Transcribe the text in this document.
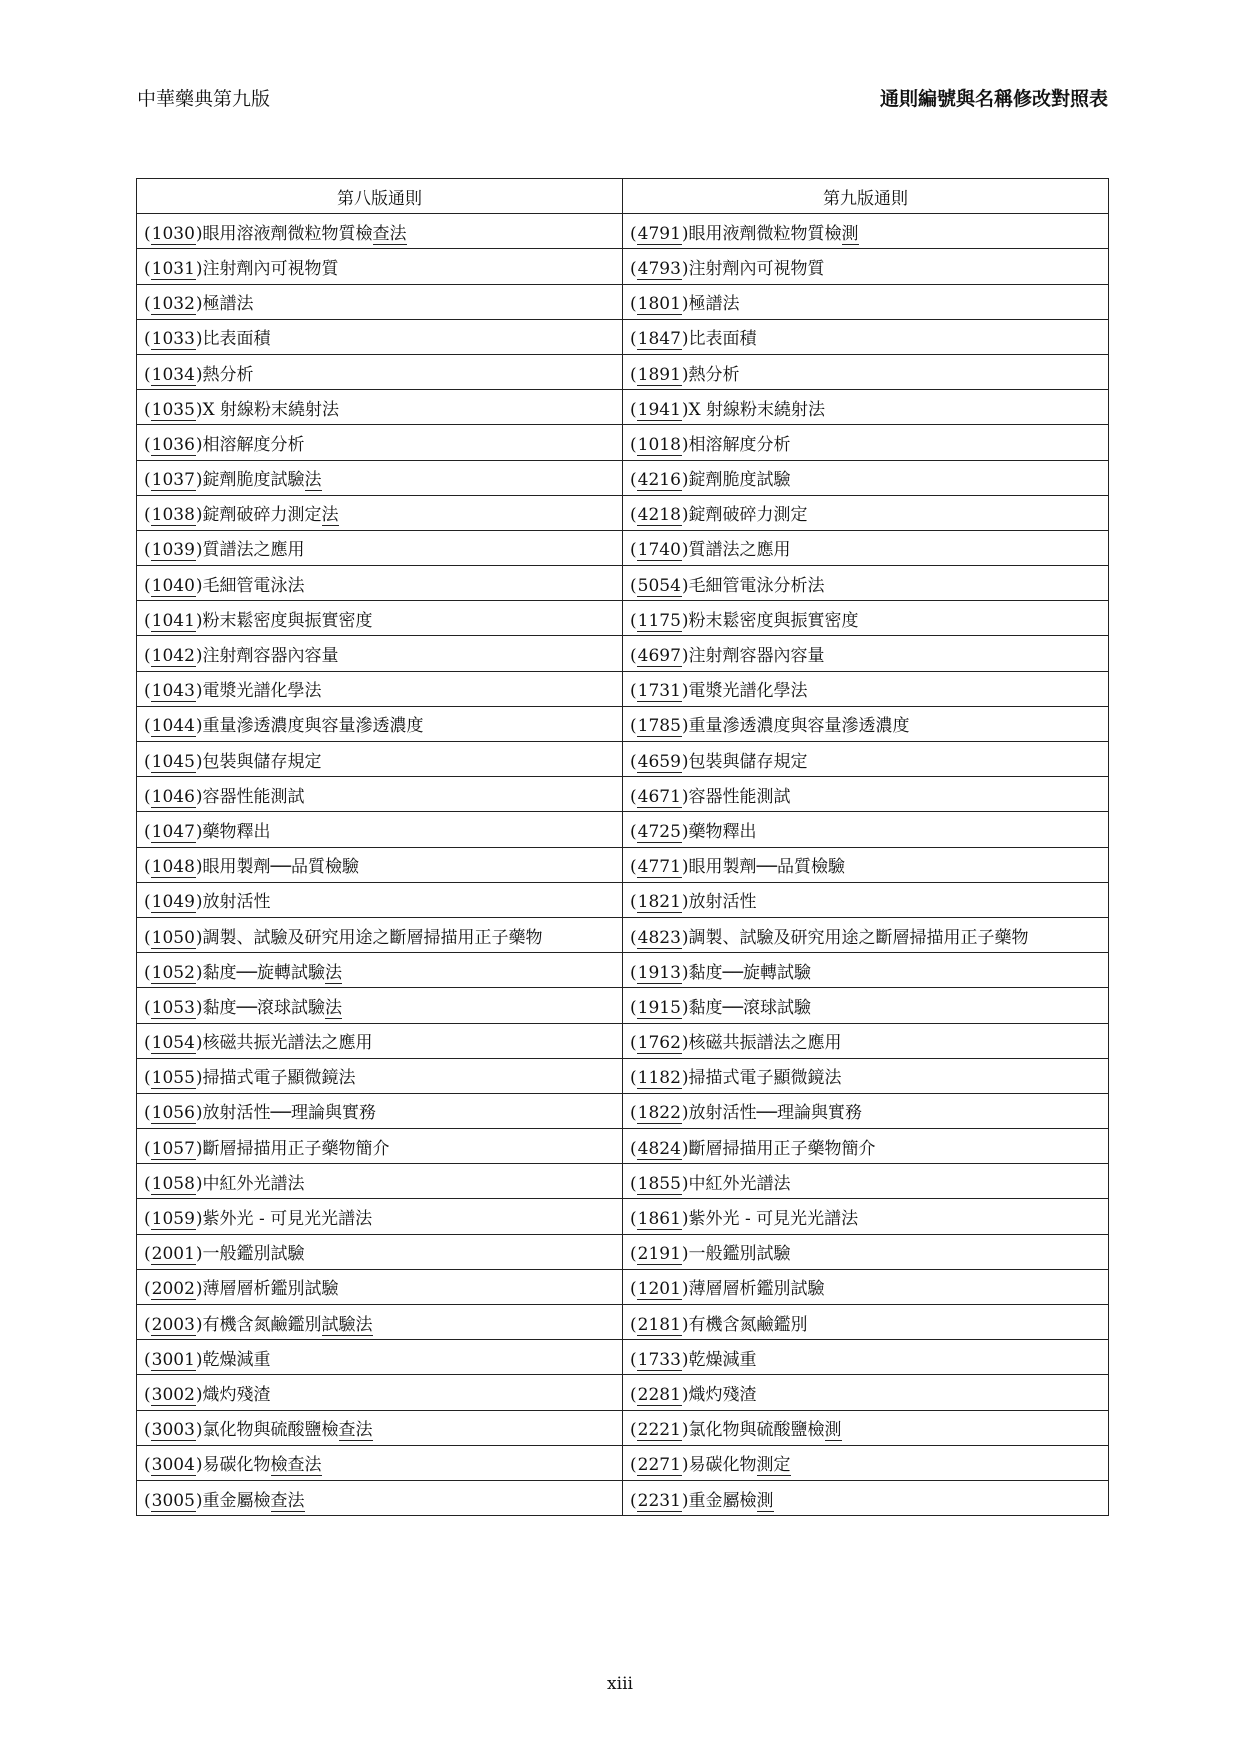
中華藥典第九版	通則編號與名稱修改對照表
第八版通則	第九版通則
(1030)眼用溶液劑微粒物質檢查法	(4791)眼用液劑微粒物質檢測
(1031)注射劑內可視物質	(4793)注射劑內可視物質
(1032)極譜法	(1801)極譜法
(1033)比表面積	(1847)比表面積
(1034)熱分析	(1891)熱分析
(1035)X 射線粉末繞射法	(1941)X 射線粉末繞射法
(1036)相溶解度分析	(1018)相溶解度分析
(1037)錠劑脆度試驗法	(4216)錠劑脆度試驗
(1038)錠劑破碎力測定法	(4218)錠劑破碎力測定
(1039)質譜法之應用	(1740)質譜法之應用
(1040)毛細管電泳法	(5054)毛細管電泳分析法
(1041)粉末鬆密度與振實密度	(1175)粉末鬆密度與振實密度
(1042)注射劑容器內容量	(4697)注射劑容器內容量
(1043)電漿光譜化學法	(1731)電漿光譜化學法
(1044)重量滲透濃度與容量滲透濃度	(1785)重量滲透濃度與容量滲透濃度
(1045)包裝與儲存規定	(4659)包裝與儲存規定
(1046)容器性能測試	(4671)容器性能測試
(1047)藥物釋出	(4725)藥物釋出
(1048)眼用製劑──品質檢驗	(4771)眼用製劑──品質檢驗
(1049)放射活性	(1821)放射活性
(1050)調製、試驗及研究用途之斷層掃描用正子藥物	(4823)調製、試驗及研究用途之斷層掃描用正子藥物
(1052)黏度──旋轉試驗法	(1913)黏度──旋轉試驗
(1053)黏度──滾球試驗法	(1915)黏度──滾球試驗
(1054)核磁共振光譜法之應用	(1762)核磁共振譜法之應用
(1055)掃描式電子顯微鏡法	(1182)掃描式電子顯微鏡法
(1056)放射活性──理論與實務	(1822)放射活性──理論與實務
(1057)斷層掃描用正子藥物簡介	(4824)斷層掃描用正子藥物簡介
(1058)中紅外光譜法	(1855)中紅外光譜法
(1059)紫外光 - 可見光光譜法	(1861)紫外光 - 可見光光譜法
(2001)一般鑑別試驗	(2191)一般鑑別試驗
(2002)薄層層析鑑別試驗	(1201)薄層層析鑑別試驗
(2003)有機含氮鹼鑑別試驗法	(2181)有機含氮鹼鑑別
(3001)乾燥減重	(1733)乾燥減重
(3002)熾灼殘渣	(2281)熾灼殘渣
(3003)氯化物與硫酸鹽檢查法	(2221)氯化物與硫酸鹽檢測
(3004)易碳化物檢查法	(2271)易碳化物測定
(3005)重金屬檢查法	(2231)重金屬檢測
xiii
